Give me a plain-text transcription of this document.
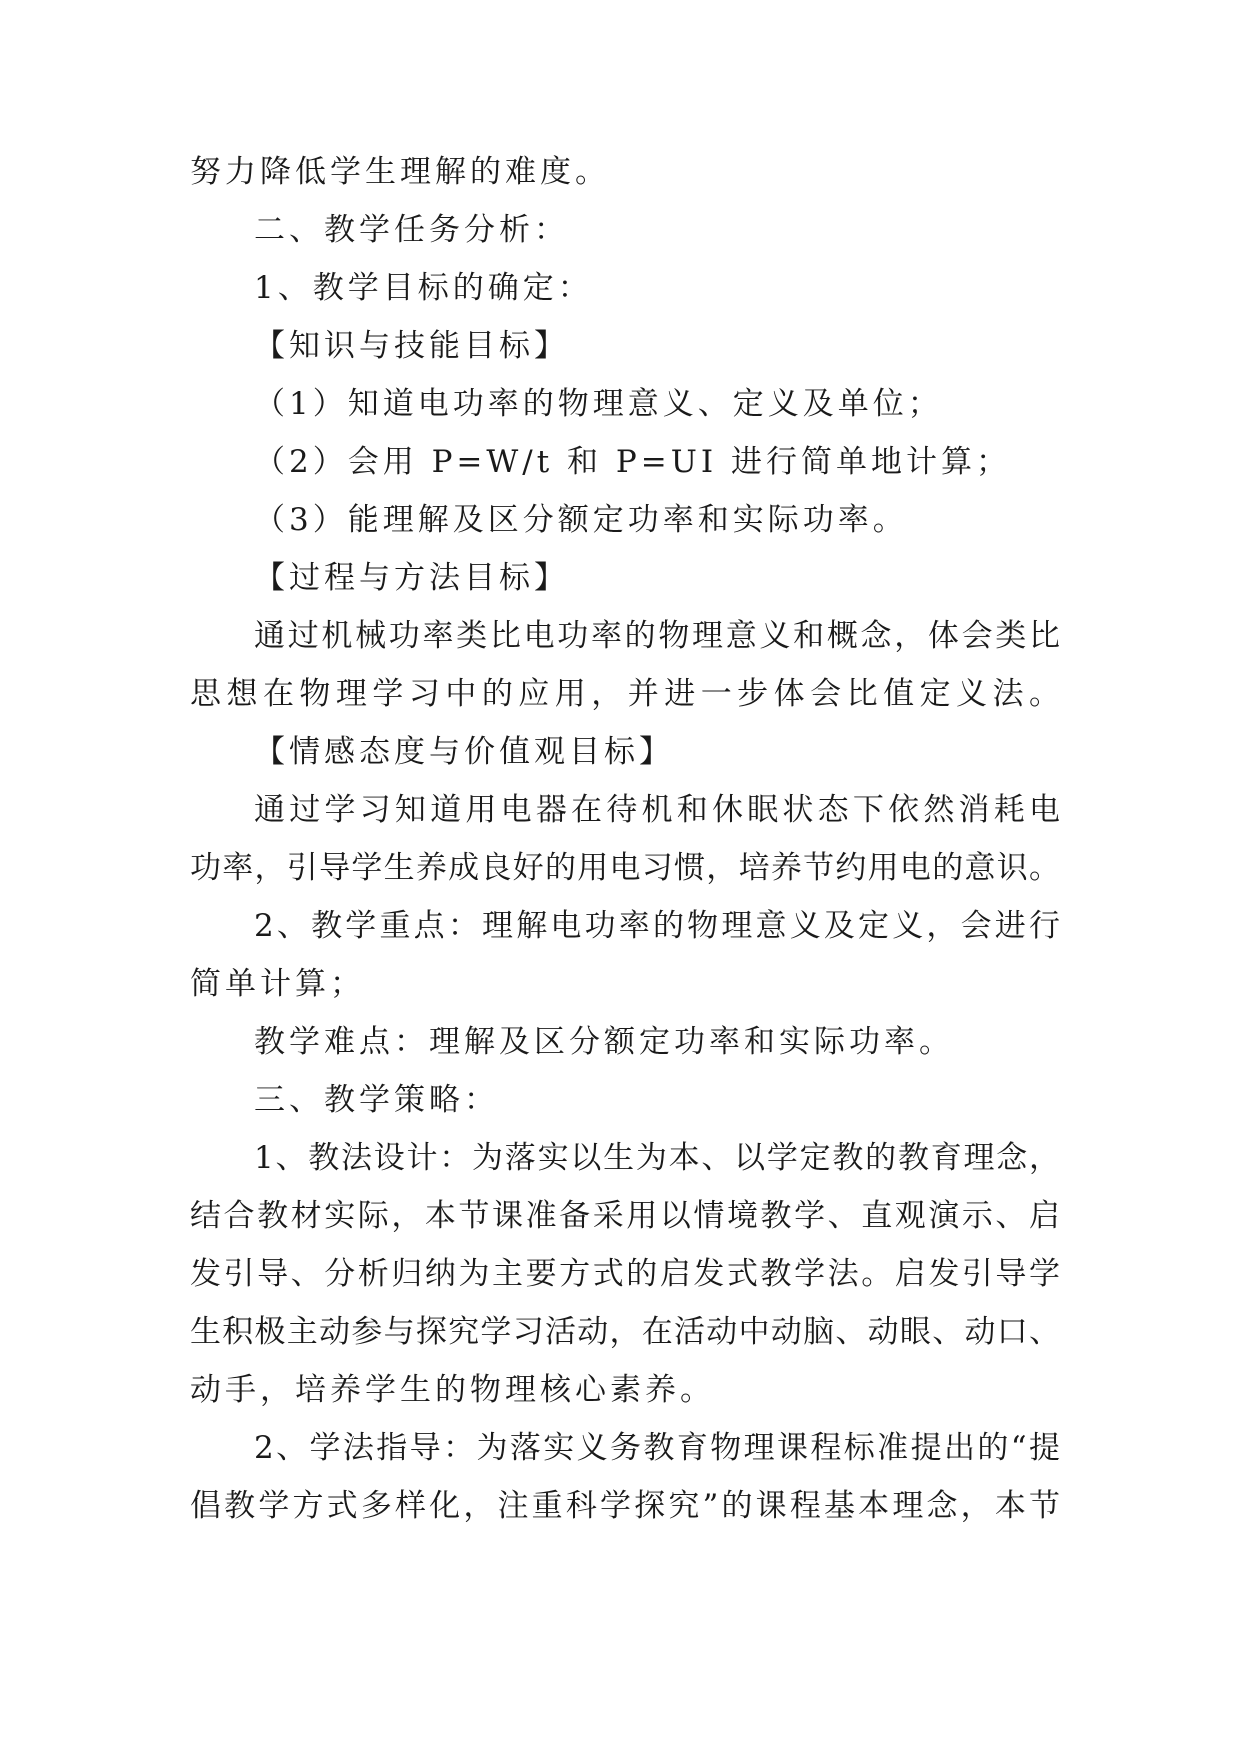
努力降低学生理解的难度。
二、教学任务分析：
1、教学目标的确定：
【知识与技能目标】
（1）知道电功率的物理意义、定义及单位；
（2）会用 P=W/t 和 P=UI 进行简单地计算；
（3）能理解及区分额定功率和实际功率。
【过程与方法目标】
通过机械功率类比电功率的物理意义和概念，体会类比
思想在物理学习中的应用，并进一步体会比值定义法。
【情感态度与价值观目标】
通过学习知道用电器在待机和休眠状态下依然消耗电
功率，引导学生养成良好的用电习惯，培养节约用电的意识。
2、教学重点：理解电功率的物理意义及定义，会进行
简单计算；
教学难点：理解及区分额定功率和实际功率。
三、教学策略：
1、教法设计：为落实以生为本、以学定教的教育理念，
结合教材实际，本节课准备采用以情境教学、直观演示、启
发引导、分析归纳为主要方式的启发式教学法。启发引导学
生积极主动参与探究学习活动，在活动中动脑、动眼、动口、
动手，培养学生的物理核心素养。
2、学法指导：为落实义务教育物理课程标准提出的“提
倡教学方式多样化，注重科学探究”的课程基本理念，本节
